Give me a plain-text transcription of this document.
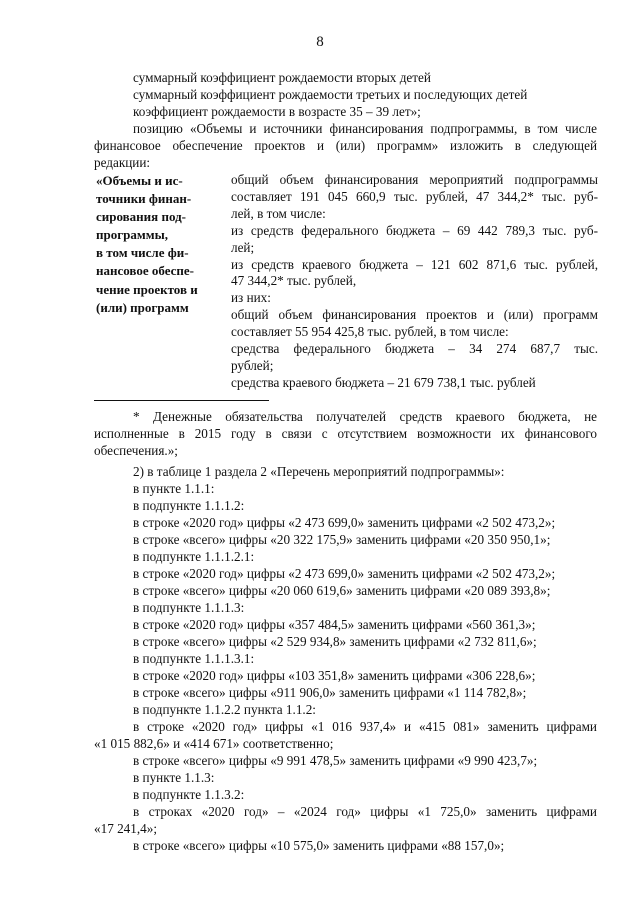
8
суммарный коэффициент рождаемости вторых детей
суммарный коэффициент рождаемости третьих и последующих детей
коэффициент рождаемости в возрасте 35 – 39 лет»;
позицию «Объемы и источники финансирования подпрограммы, в том числе
финансовое обеспечение проектов и (или) программ» изложить в следующей
редакции:
«Объемы и ис-
точники финан-
сирования под-
программы,
в том числе фи-
нансовое обеспе-
чение проектов и
(или) программ
общий объем финансирования мероприятий подпрограммы
составляет 191 045 660,9 тыс. рублей, 47 344,2* тыс. руб-
лей, в том числе:
из средств федерального бюджета – 69 442 789,3 тыс. руб-
лей;
из средств краевого бюджета – 121 602 871,6 тыс. рублей,
47 344,2* тыс. рублей,
из них:
общий объем финансирования проектов и (или) программ
составляет 55 954 425,8 тыс. рублей, в том числе:
средства федерального бюджета – 34 274 687,7 тыс.
рублей;
средства краевого бюджета – 21 679 738,1 тыс. рублей
* Денежные обязательства получателей средств краевого бюджета, не
исполненные в 2015 году в связи с отсутствием возможности их финансового
обеспечения.»;
2) в таблице 1 раздела 2 «Перечень мероприятий подпрограммы»:
в пункте 1.1.1:
в подпункте 1.1.1.2:
в строке «2020 год» цифры «2 473 699,0» заменить цифрами «2 502 473,2»;
в строке «всего» цифры «20 322 175,9» заменить цифрами «20 350 950,1»;
в подпункте 1.1.1.2.1:
в строке «2020 год» цифры «2 473 699,0» заменить цифрами «2 502 473,2»;
в строке «всего» цифры «20 060 619,6» заменить цифрами «20 089 393,8»;
в подпункте 1.1.1.3:
в строке «2020 год» цифры «357 484,5» заменить цифрами «560 361,3»;
в строке «всего» цифры «2 529 934,8» заменить цифрами «2 732 811,6»;
в подпункте 1.1.1.3.1:
в строке «2020 год» цифры «103 351,8» заменить цифрами «306 228,6»;
в строке «всего» цифры «911 906,0» заменить цифрами «1 114 782,8»;
в подпункте 1.1.2.2 пункта 1.1.2:
в строке «2020 год» цифры «1 016 937,4» и «415 081» заменить цифрами
«1 015 882,6» и «414 671» соответственно;
в строке «всего» цифры «9 991 478,5» заменить цифрами «9 990 423,7»;
в пункте 1.1.3:
в подпункте 1.1.3.2:
в строках «2020 год» – «2024 год» цифры «1 725,0» заменить цифрами
«17 241,4»;
в строке «всего» цифры «10 575,0» заменить цифрами «88 157,0»;
